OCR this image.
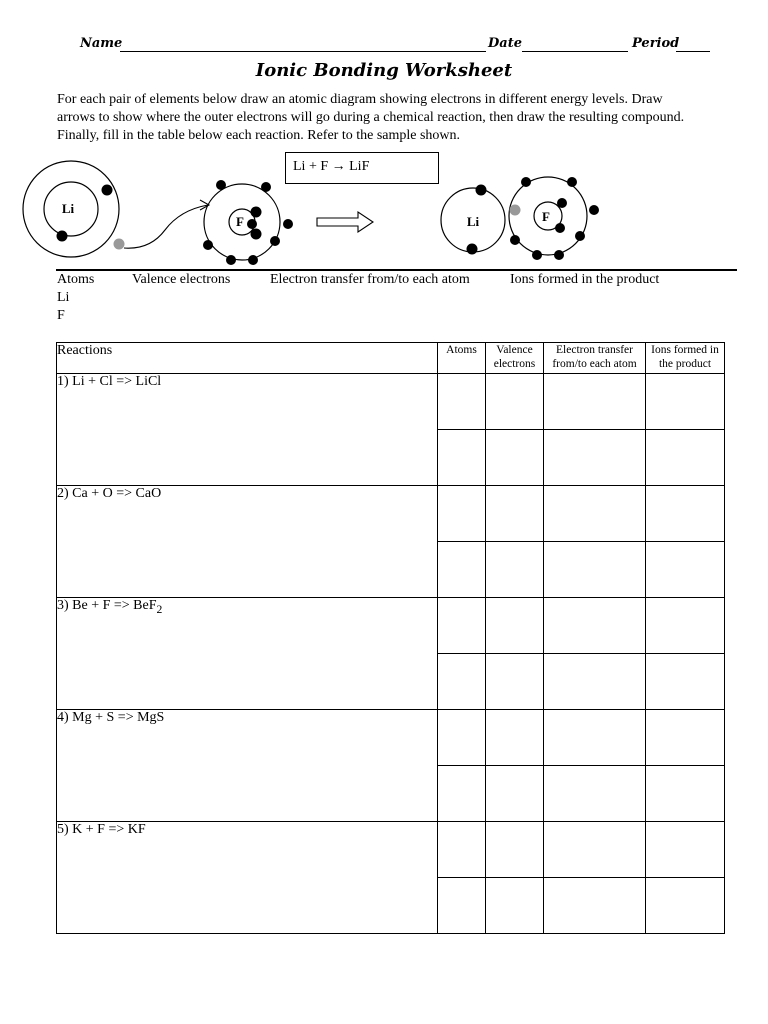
Name	Date	Period
Ionic Bonding Worksheet
For each pair of elements below draw an atomic diagram showing electrons in different energy levels. Draw
arrows to show where the outer electrons will go during a chemical reaction, then draw the resulting compound.
Finally, fill in the table below each reaction. Refer to the sample shown.
Li
F	Li	F
Li + F → LiF
Atoms	Valence electrons	Electron transfer from/to each atom	Ions formed in the product
Li
F
Reactions	Atoms	Valence electrons	Electron transfer from/to each atom	Ions formed in the product
1) Li + Cl => LiCl				

2) Ca + O => CaO				

3) Be + F => BeF$_2$				

4) Mg + S => MgS				

5) K + F => KF				
